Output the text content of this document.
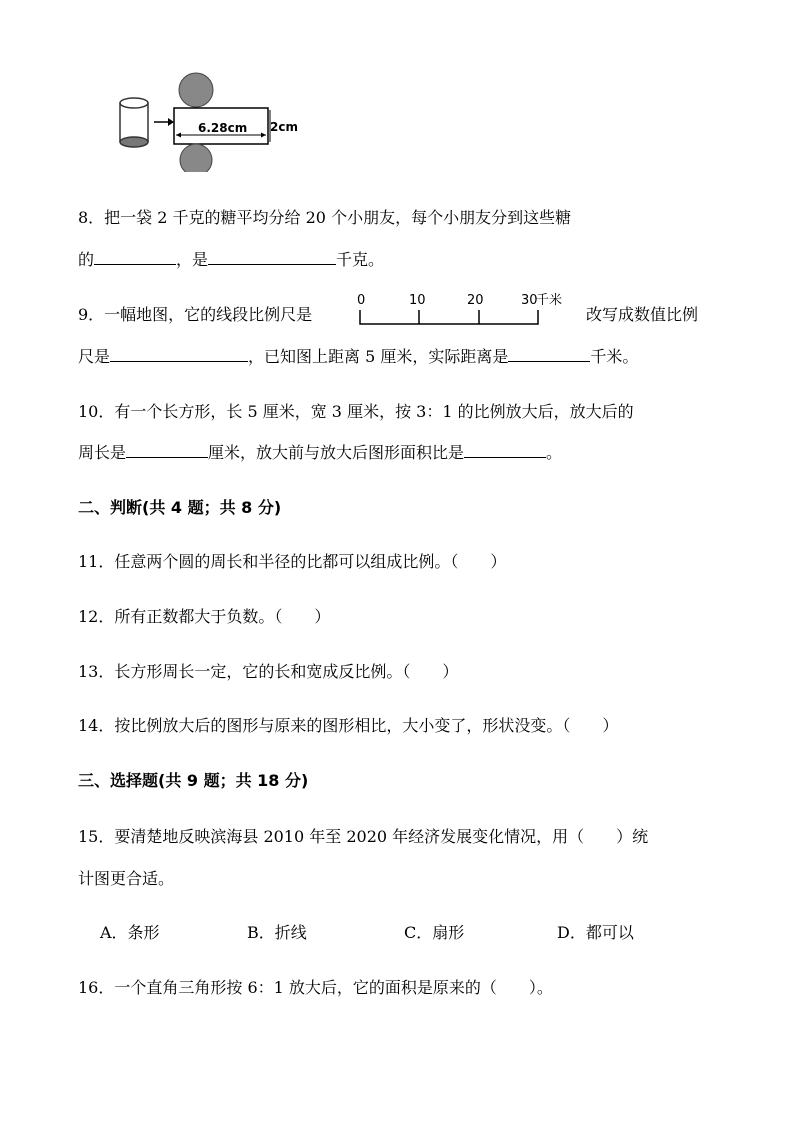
6.28cm 2cm
8．把一袋 2 千克的糖平均分给 20 个小朋友，每个小朋友分到这些糖
的	，是	千克。
9．一幅地图，它的线段比例尺是
0	10	20	30
千米
改写成数值比例
尺是	，已知图上距离 5 厘米，实际距离是	千米。
10．有一个长方形，长 5 厘米，宽 3 厘米，按 3：1 的比例放大后，放大后的
周长是	厘米，放大前与放大后图形面积比是	。
二、判断(共 4 题；共 8 分)
11．任意两个圆的周长和半径的比都可以组成比例。（　　）
12．所有正数都大于负数。（　　）
13．长方形周长一定，它的长和宽成反比例。（　　）
14．按比例放大后的图形与原来的图形相比，大小变了，形状没变。（　　）
三、选择题(共 9 题；共 18 分)
15．要清楚地反映滨海县 2010 年至 2020 年经济发展变化情况，用（　　）统
计图更合适。
A．条形	B．折线	C．扇形	D．都可以
16．一个直角三角形按 6：1 放大后，它的面积是原来的（　　）。
